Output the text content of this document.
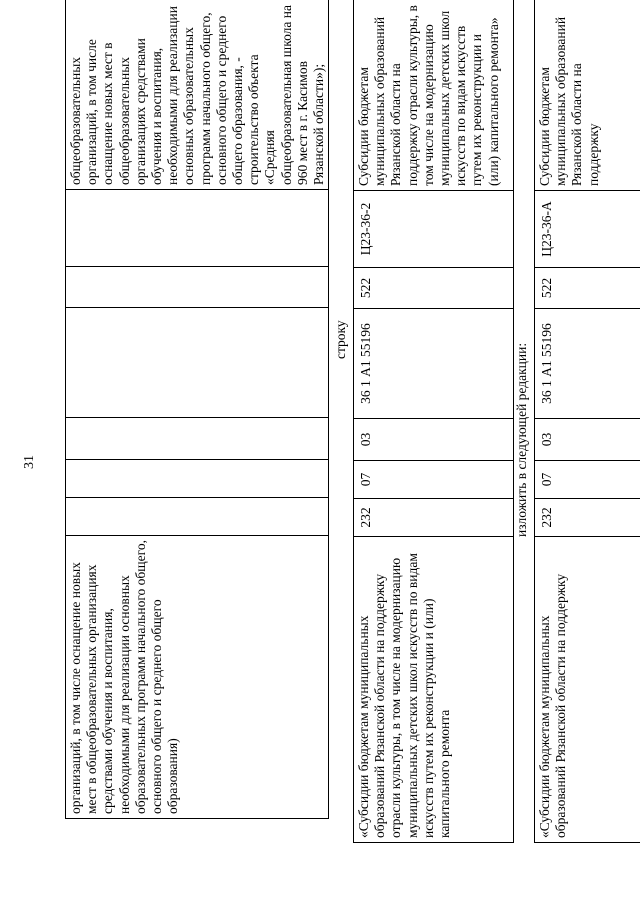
31
организаций, в том числе оснащение новых мест в общеобразовательных организациях средствами обучения и воспитания, необходимыми для реализации основных образовательных программ начального общего, основного общего и среднего общего образования)							общеобразовательных организаций, в том числе оснащение новых мест в общеобразовательных организациях средствами обучения и воспитания, необходимыми для реализации основных образовательных программ начального общего, основного общего и среднего общего образования, - строительство объекта «Средняя общеобразовательная школа на 960 мест в г. Касимов Рязанской области»);
строку
«Субсидии бюджетам муниципальных образований Рязанской области на поддержку отрасли культуры, в том числе на модернизацию муниципальных детских школ искусств по видам искусств путем их реконструкции и (или) капитального ремонта	232	07	03	36 1 А1 55196	522	Ц23-36-2	Субсидии бюджетам муниципальных образований Рязанской области на поддержку отрасли культуры, в том числе на модернизацию муниципальных детских школ искусств по видам искусств путем их реконструкции и (или) капитального ремонта»
изложить в следующей редакции:
«Субсидии бюджетам муниципальных образований Рязанской области на поддержку	232	07	03	36 1 А1 55196	522	Ц23-36-А	Субсидии бюджетам муниципальных образований Рязанской области на поддержку
